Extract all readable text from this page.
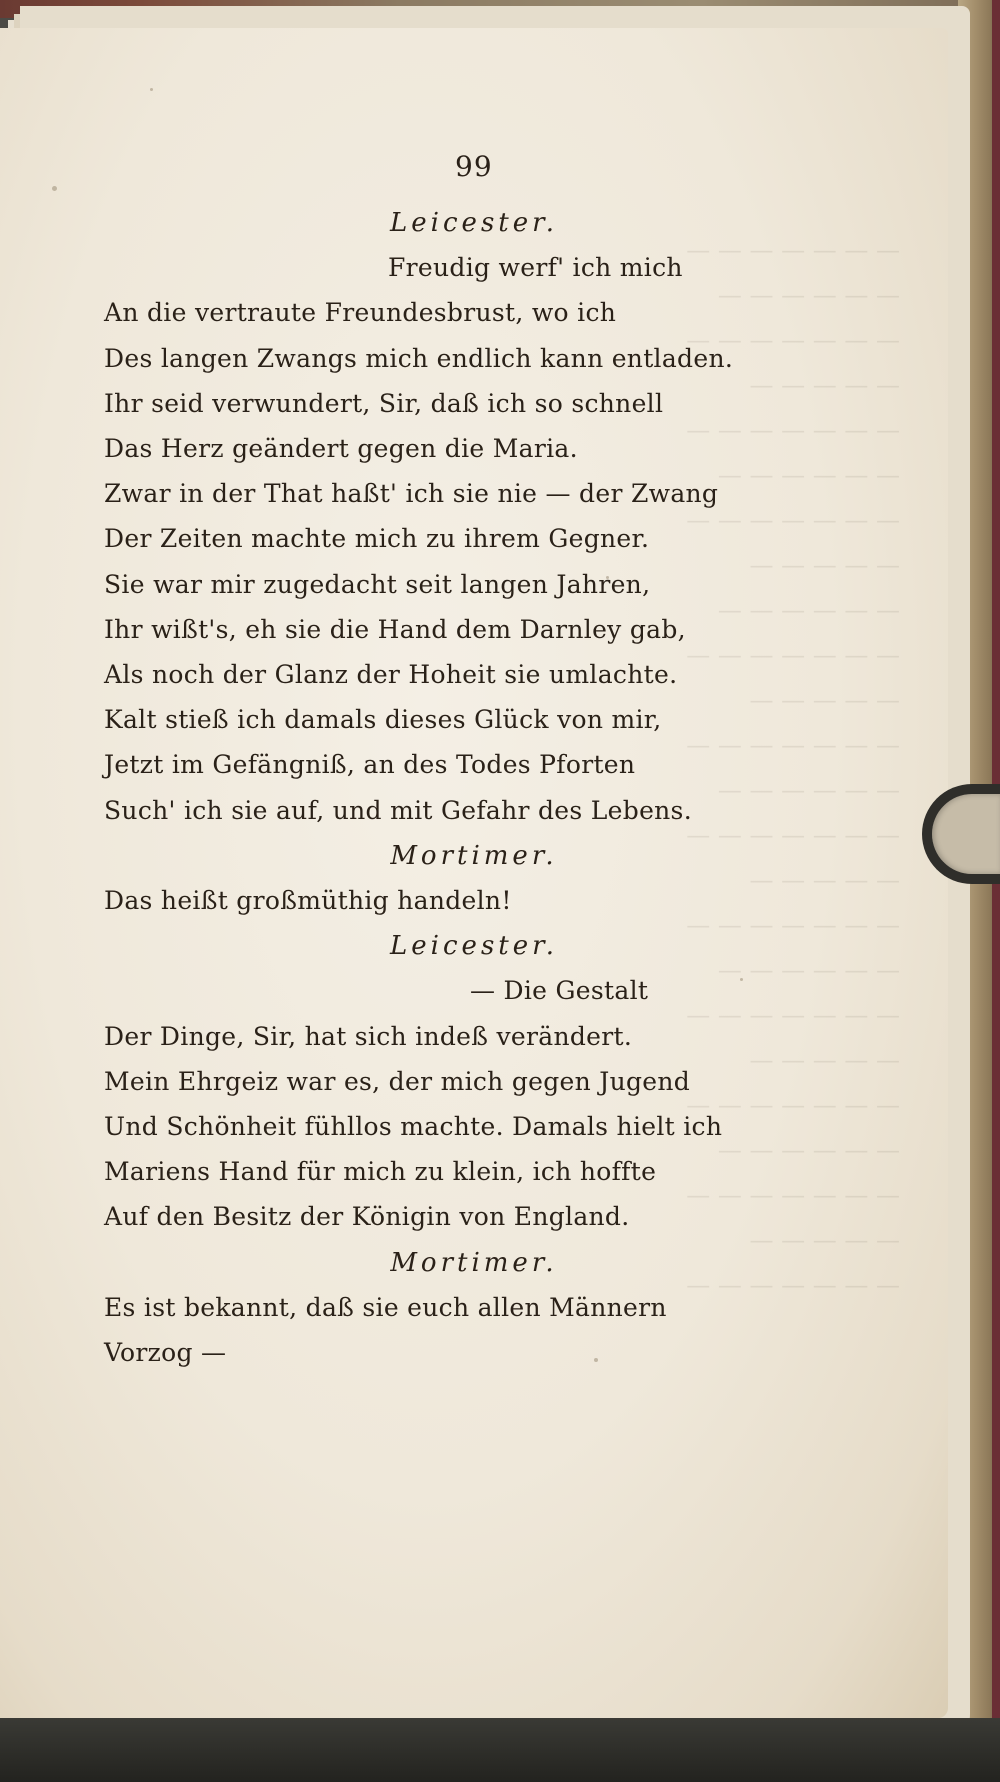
— — — — — — —
— — — — — —
— — — — — — —
— — — — —
— — — — — — —
— — — — — —
— — — — — — —
— — — — —
— — — — — —
— — — — — — —
— — — — —
— — — — — — —
— — — — — —
— — — — — — —
— — — — —
— — — — — — —
— — — — — —
— — — — — — —
— — — — —
— — — — — — —
— — — — — —
— — — — — — —
— — — — —
— — — — — — —
99
Leicester.
Freudig werf' ich mich
An die vertraute Freundesbrust, wo ich
Des langen Zwangs mich endlich kann entladen.
Ihr seid verwundert, Sir, daß ich so schnell
Das Herz geändert gegen die Maria.
Zwar in der That haßt' ich sie nie — der Zwang
Der Zeiten machte mich zu ihrem Gegner.
Sie war mir zugedacht seit langen Jahren,
Ihr wißt's, eh sie die Hand dem Darnley gab,
Als noch der Glanz der Hoheit sie umlachte.
Kalt stieß ich damals dieses Glück von mir,
Jetzt im Gefängniß, an des Todes Pforten
Such' ich sie auf, und mit Gefahr des Lebens.
Mortimer.
Das heißt großmüthig handeln!
Leicester.
— Die Gestalt
Der Dinge, Sir, hat sich indeß verändert.
Mein Ehrgeiz war es, der mich gegen Jugend
Und Schönheit fühllos machte. Damals hielt ich
Mariens Hand für mich zu klein, ich hoffte
Auf den Besitz der Königin von England.
Mortimer.
Es ist bekannt, daß sie euch allen Männern
Vorzog —
